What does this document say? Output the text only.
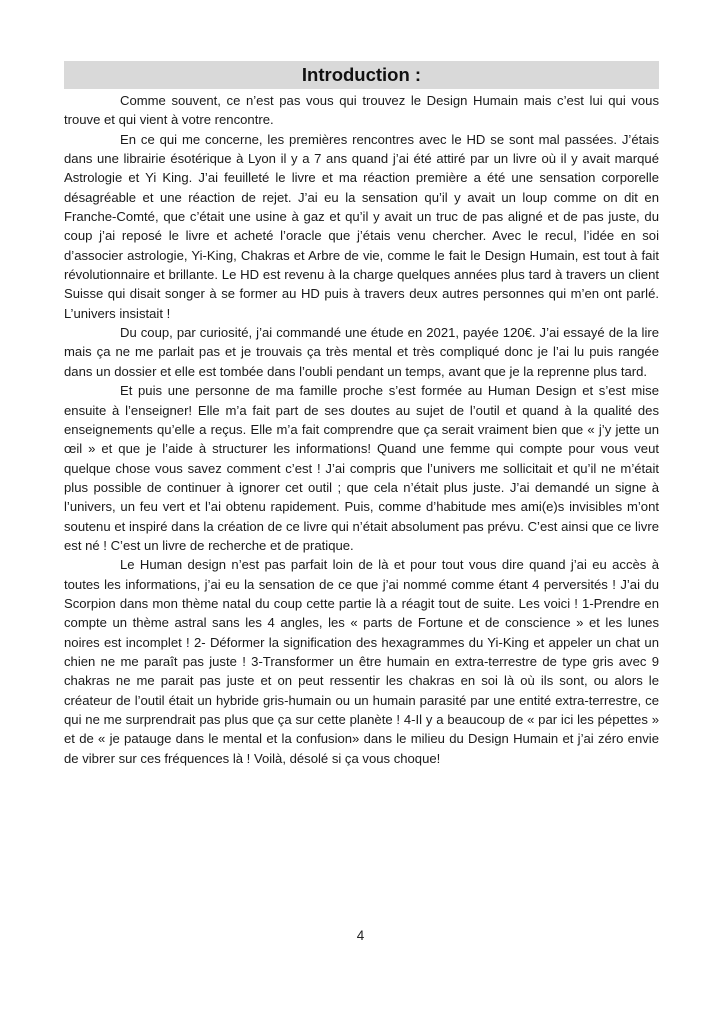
Introduction :

Comme souvent, ce n’est pas vous qui trouvez le Design Humain mais c’est lui qui vous trouve et qui vient à votre rencontre.

En ce qui me concerne, les premières rencontres avec le HD se sont mal passées. J’étais dans une librairie ésotérique à Lyon il y a 7 ans quand j’ai été attiré par un livre où il y avait marqué Astrologie et Yi King. J’ai feuilleté le livre et ma réaction première a été une sensation corporelle désagréable et une réaction de rejet. J’ai eu la sensation qu’il y avait un loup comme on dit en Franche-Comté, que c’était une usine à gaz et qu’il y avait un truc de pas aligné et de pas juste, du coup j’ai reposé le livre et acheté l’oracle que j’étais venu chercher. Avec le recul, l’idée en soi d’associer astrologie, Yi-King, Chakras et Arbre de vie, comme le fait le Design Humain, est tout à fait révolutionnaire et brillante. Le HD est revenu à la charge quelques années plus tard à travers un client Suisse qui disait songer à se former au HD puis à travers deux autres personnes qui m’en ont parlé. L’univers insistait !

Du coup, par curiosité, j’ai commandé une étude en 2021, payée 120€. J’ai essayé de la lire mais ça ne me parlait pas et je trouvais ça très mental et très compliqué donc je l’ai lu puis rangée dans un dossier et elle est tombée dans l’oubli pendant un temps, avant que je la reprenne plus tard.

Et puis une personne de ma famille proche s’est formée au Human Design et s’est mise ensuite à l’enseigner! Elle m’a fait part de ses doutes au sujet de l’outil et quand à la qualité des enseignements qu’elle a reçus. Elle m’a fait comprendre que ça serait vraiment bien que « j’y jette un œil » et que je l’aide à structurer les informations! Quand une femme qui compte pour vous veut quelque chose vous savez comment c’est ! J’ai compris que l’univers me sollicitait et qu’il ne m’était plus possible de continuer à ignorer cet outil ; que cela n’était plus juste. J’ai demandé un signe à l’univers, un feu vert et l’ai obtenu rapidement. Puis, comme d’habitude mes ami(e)s invisibles m’ont soutenu et inspiré dans la création de ce livre qui n’était absolument pas prévu. C’est ainsi que ce livre est né ! C’est un livre de recherche et de pratique.

Le Human design n’est pas parfait loin de là et pour tout vous dire quand j’ai eu accès à toutes les informations, j’ai eu la sensation de ce que j’ai nommé comme étant 4 perversités ! J’ai du Scorpion dans mon thème natal du coup cette partie là a réagit tout de suite. Les voici ! 1-Prendre en compte un thème astral sans les 4 angles, les « parts de Fortune et de conscience » et les lunes noires est incomplet ! 2- Déformer la signification des hexagrammes du Yi-King et appeler un chat un chien ne me paraît pas juste ! 3-Transformer un être humain en extra-terrestre de type gris avec 9 chakras ne me parait pas juste et on peut ressentir les chakras en soi là où ils sont, ou alors le créateur de l’outil était un hybride gris-humain ou un humain parasité par une entité extra-terrestre, ce qui ne me surprendrait pas plus que ça sur cette planète ! 4-Il y a beaucoup de « par ici les pépettes » et de « je patauge dans le mental et la confusion» dans le milieu du Design Humain et j’ai zéro envie de vibrer sur ces fréquences là ! Voilà, désolé si ça vous choque!

4
